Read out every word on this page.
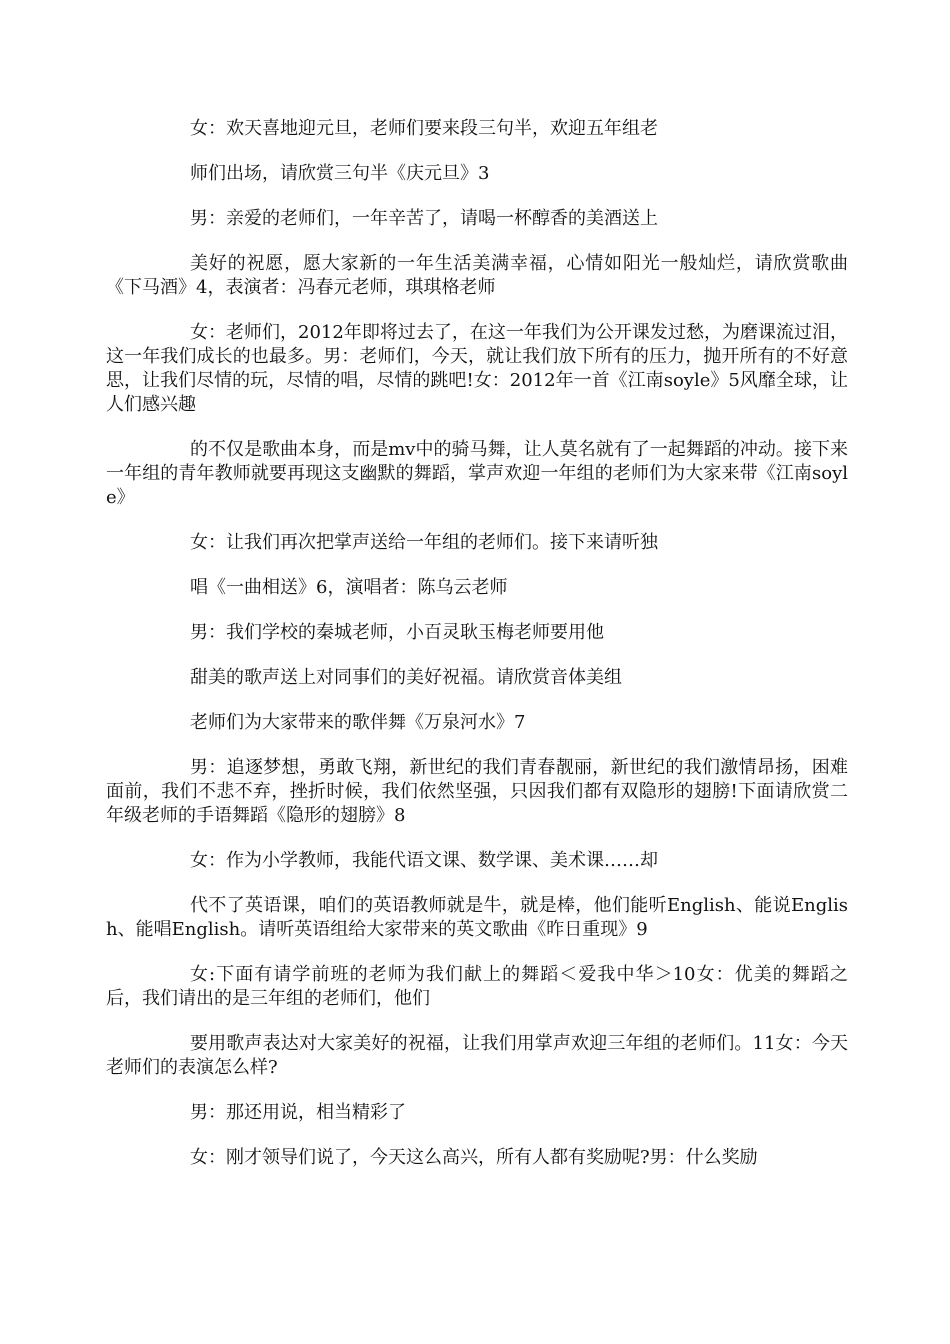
女：欢天喜地迎元旦，老师们要来段三句半，欢迎五年组老

师们出场，请欣赏三句半《庆元旦》3

男：亲爱的老师们，一年辛苦了，请喝一杯醇香的美酒送上

美好的祝愿，愿大家新的一年生活美满幸福，心情如阳光一般灿烂，请欣赏歌曲《下马酒》4，表演者：冯春元老师，琪琪格老师

女：老师们，2012年即将过去了，在这一年我们为公开课发过愁，为磨课流过泪，这一年我们成长的也最多。男：老师们，今天，就让我们放下所有的压力，抛开所有的不好意思，让我们尽情的玩，尽情的唱，尽情的跳吧!女：2012年一首《江南soyle》5风靡全球，让人们感兴趣

的不仅是歌曲本身，而是mv中的骑马舞，让人莫名就有了一起舞蹈的冲动。接下来一年组的青年教师就要再现这支幽默的舞蹈，掌声欢迎一年组的老师们为大家来带《江南soyle》

女：让我们再次把掌声送给一年组的老师们。接下来请听独

唱《一曲相送》6，演唱者：陈乌云老师

男：我们学校的秦城老师，小百灵耿玉梅老师要用他

甜美的歌声送上对同事们的美好祝福。请欣赏音体美组

老师们为大家带来的歌伴舞《万泉河水》7

男：追逐梦想，勇敢飞翔，新世纪的我们青春靓丽，新世纪的我们激情昂扬，困难面前，我们不悲不弃，挫折时候，我们依然坚强，只因我们都有双隐形的翅膀!下面请欣赏二年级老师的手语舞蹈《隐形的翅膀》8

女：作为小学教师，我能代语文课、数学课、美术课……却

代不了英语课，咱们的英语教师就是牛，就是棒，他们能听English、能说English、能唱English。请听英语组给大家带来的英文歌曲《昨日重现》9

女:下面有请学前班的老师为我们献上的舞蹈＜爱我中华＞10女：优美的舞蹈之后，我们请出的是三年组的老师们，他们

要用歌声表达对大家美好的祝福，让我们用掌声欢迎三年组的老师们。11女：今天老师们的表演怎么样?

男：那还用说，相当精彩了

女：刚才领导们说了，今天这么高兴，所有人都有奖励呢?男：什么奖励
